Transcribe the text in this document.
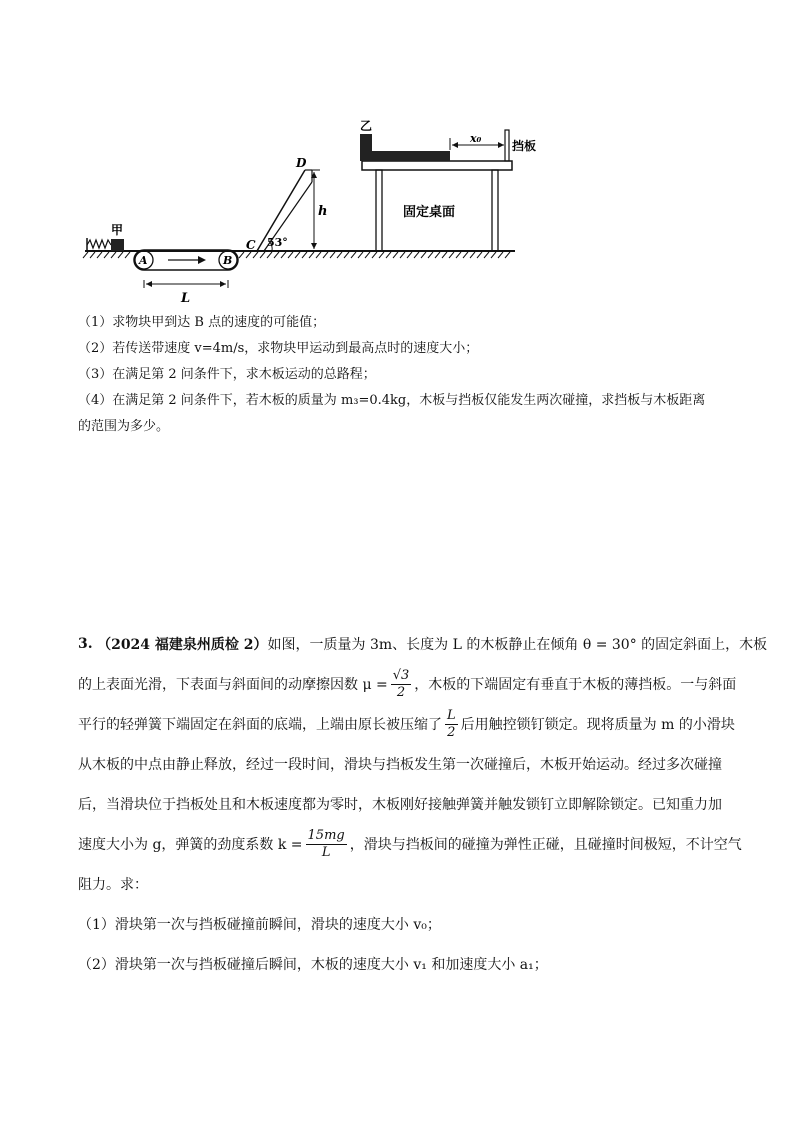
甲
A	B
L
C
D
53°
h	固定桌面
乙
x₀
挡板

（1）求物块甲到达 B 点的速度的可能值；

（2）若传送带速度 v=4m/s，求物块甲运动到最高点时的速度大小；

（3）在满足第 2 问条件下，求木板运动的总路程；

（4）在满足第 2 问条件下，若木板的质量为 m₃=0.4kg，木板与挡板仅能发生两次碰撞，求挡板与木板距离

的范围为多少。

3.
（2024 福建泉州质检 2） 如图，一质量为 3m、长度为 L 的木板静止在倾角 θ = 30° 的固定斜面上，木板
的上表面光滑，下表面与斜面间的动摩擦因数 $\mu = \frac{√3}{2}$ ，木板的下端固定有垂直于木板的薄挡板。一与斜面
平行的轻弹簧下端固定在斜面的底端，上端由原长被压缩了 $\frac{L}{2}$ 后用触控锁钉锁定。现将质量为 m 的小滑块
从木板的中点由静止释放，经过一段时间，滑块与挡板发生第一次碰撞后，木板开始运动。经过多次碰撞
后，当滑块位于挡板处且和木板速度都为零时，木板刚好接触弹簧并触发锁钉立即解除锁定。已知重力加
速度大小为 g，弹簧的劲度系数 $k = \frac{15mg}{L}$ ，滑块与挡板间的碰撞为弹性正碰，且碰撞时间极短，不计空气
阻力。求：
（1）滑块第一次与挡板碰撞前瞬间，滑块的速度大小 v₀；
（2）滑块第一次与挡板碰撞后瞬间，木板的速度大小 v₁ 和加速度大小 a₁；
